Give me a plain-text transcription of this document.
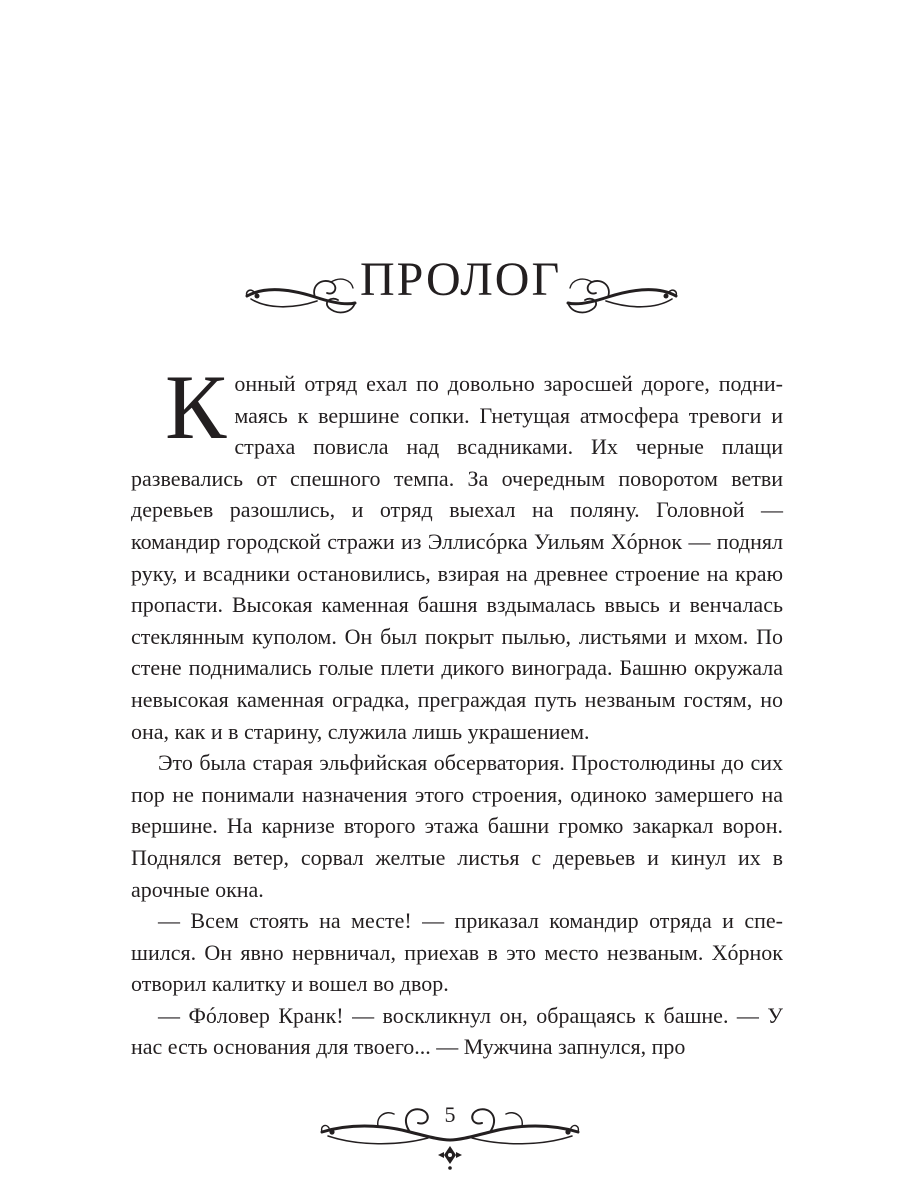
ПРОЛОГ

Конный отряд ехал по довольно заросшей дороге, поднимаясь к вершине сопки. Гнетущая атмосфера тревоги и страха повисла над всадниками. Их черные плащи развевались от спешного темпа. За очередным поворотом ветви деревьев разошлись, и отряд выехал на поляну. Головной — командир городской стражи из Эллисóрка Уильям Хóрнок — поднял руку, и всадники остановились, взирая на древнее строение на краю пропасти. Высокая каменная башня вздымалась ввысь и венчалась стеклянным куполом. Он был покрыт пылью, листьями и мхом. По стене поднимались голые плети дикого винограда. Башню окружала невысокая каменная оградка, преграждая путь незваным гостям, но она, как и в старину, служила лишь украшением.

Это была старая эльфийская обсерватория. Простолюдины до сих пор не понимали назначения этого строения, одиноко замершего на вершине. На карнизе второго этажа башни громко закаркал ворон. Поднялся ветер, сорвал желтые листья с деревьев и кинул их в арочные окна.

— Всем стоять на месте! — приказал командир отряда и спешился. Он явно нервничал, приехав в это место незваным. Хóрнок отворил калитку и вошел во двор.

— Фóловер Кранк! — воскликнул он, обращаясь к башне. — У нас есть основания для твоего... — Мужчина запнулся, про

5
